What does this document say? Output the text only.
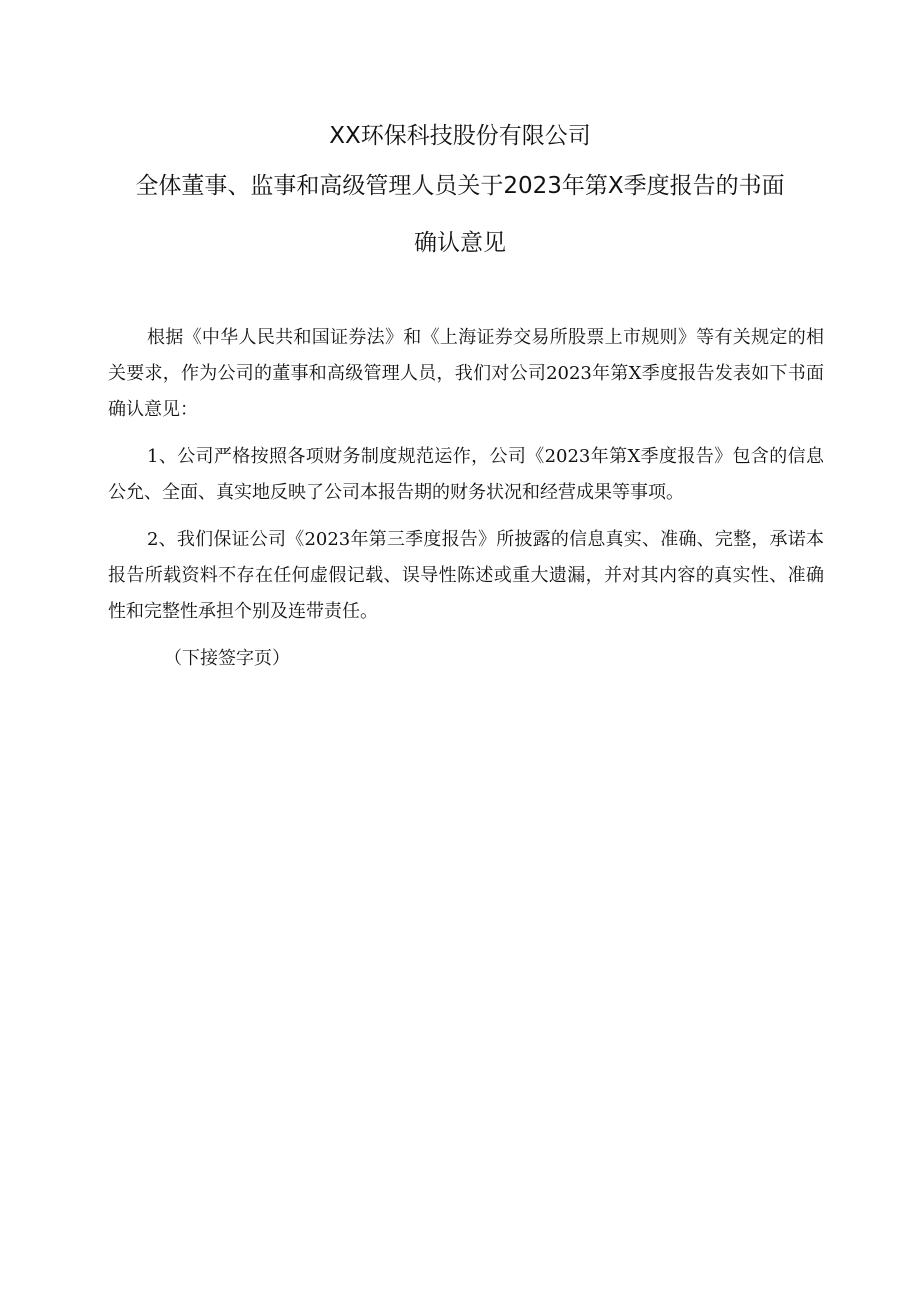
XX环保科技股份有限公司

全体董事、监事和高级管理人员关于2023年第X季度报告的书面

确认意见

根据《中华人民共和国证券法》和《上海证券交易所股票上市规则》等有关规定的相关要求，作为公司的董事和高级管理人员，我们对公司2023年第X季度报告发表如下书面确认意见：

1、公司严格按照各项财务制度规范运作，公司《2023年第X季度报告》包含的信息公允、全面、真实地反映了公司本报告期的财务状况和经营成果等事项。

2、我们保证公司《2023年第三季度报告》所披露的信息真实、准确、完整，承诺本报告所载资料不存在任何虚假记载、误导性陈述或重大遗漏，并对其内容的真实性、准确性和完整性承担个别及连带责任。

（下接签字页）
